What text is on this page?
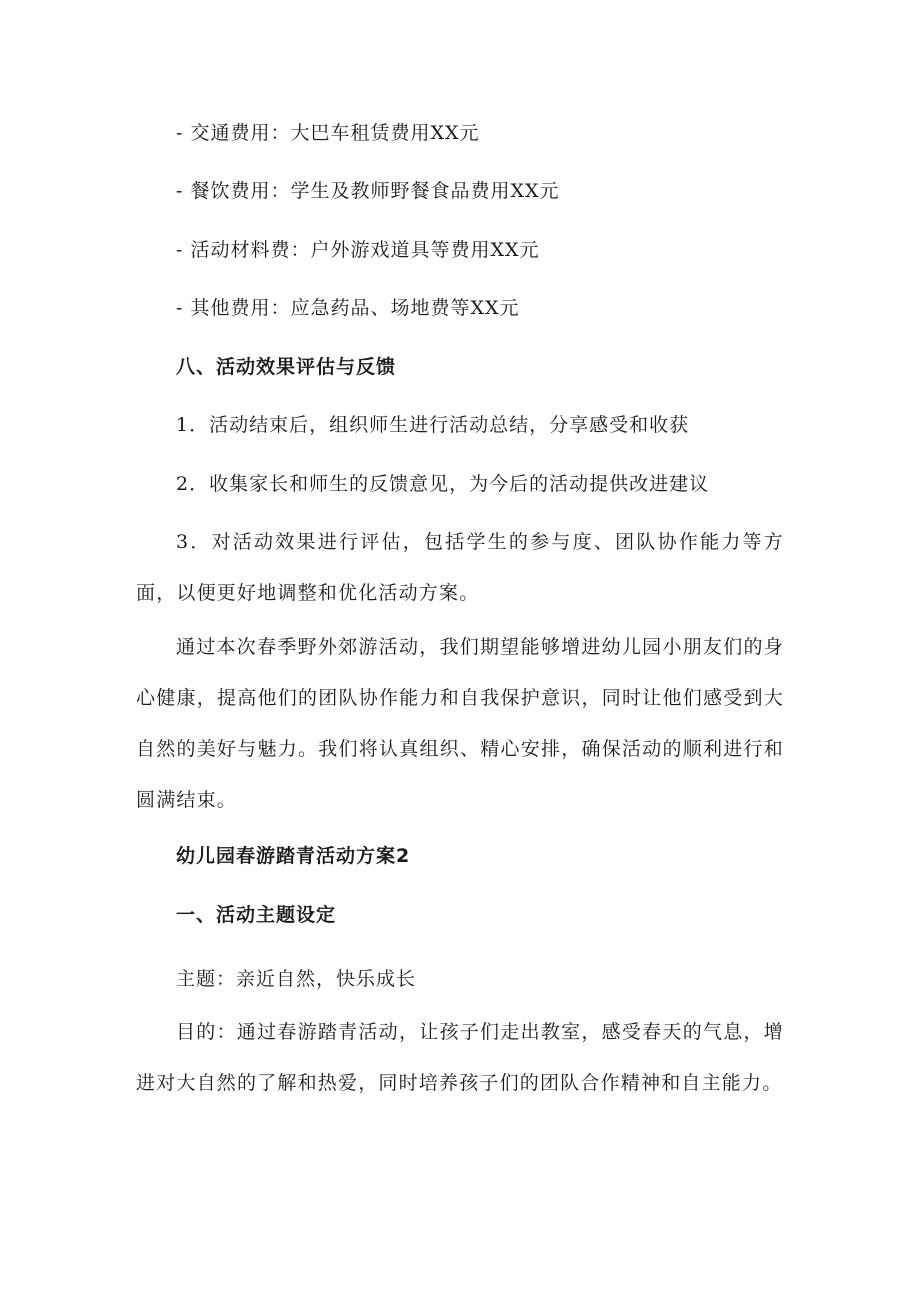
- 交通费用：大巴车租赁费用XX元

- 餐饮费用：学生及教师野餐食品费用XX元

- 活动材料费：户外游戏道具等费用XX元

- 其他费用：应急药品、场地费等XX元

八、活动效果评估与反馈

1．活动结束后，组织师生进行活动总结，分享感受和收获

2．收集家长和师生的反馈意见，为今后的活动提供改进建议

3．对活动效果进行评估，包括学生的参与度、团队协作能力等方面，以便更好地调整和优化活动方案。

通过本次春季野外郊游活动，我们期望能够增进幼儿园小朋友们的身心健康，提高他们的团队协作能力和自我保护意识，同时让他们感受到大自然的美好与魅力。我们将认真组织、精心安排，确保活动的顺利进行和圆满结束。

幼儿园春游踏青活动方案2

一、活动主题设定

主题：亲近自然，快乐成长

目的：通过春游踏青活动，让孩子们走出教室，感受春天的气息，增进对大自然的了解和热爱，同时培养孩子们的团队合作精神和自主能力。
